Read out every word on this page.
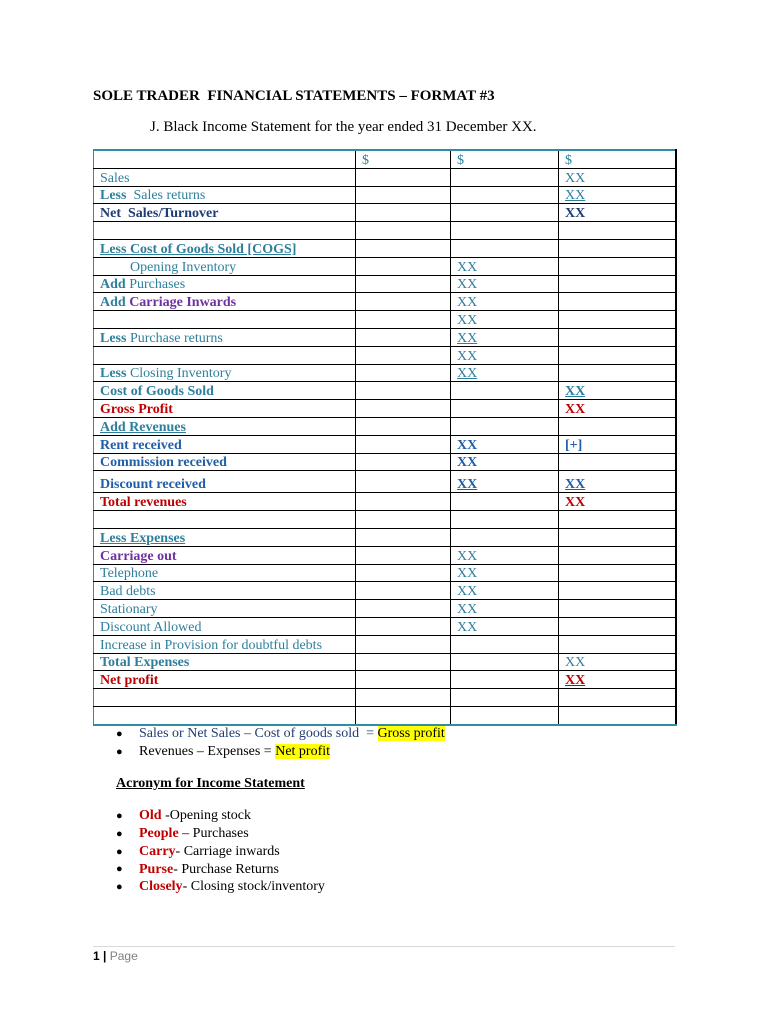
SOLE TRADER  FINANCIAL STATEMENTS – FORMAT #3
J. Black Income Statement for the year ended 31 December XX.
	$	$	$
Sales			XX
Less  Sales returns			XX
Net  Sales/Turnover			XX

Less Cost of Goods Sold [COGS]			
Opening Inventory		XX	
Add Purchases		XX	
Add Carriage Inwards		XX	
		XX	
Less Purchase returns		XX	
		XX	
Less Closing Inventory		XX	
Cost of Goods Sold			XX
Gross Profit			XX
Add Revenues			
Rent received		XX	[+]
Commission received		XX	
Discount received		XX	XX
Total revenues			XX

Less Expenses			
Carriage out		XX	
Telephone		XX	
Bad debts		XX	
Stationary		XX	
Discount Allowed		XX	
Increase in Provision for doubtful debts			
Total Expenses			XX
Net profit			XX

● Sales or Net Sales – Cost of goods sold  = Gross profit
● Revenues – Expenses = Net profit
Acronym for Income Statement
● Old -Opening stock
● People – Purchases
● Carry- Carriage inwards
● Purse- Purchase Returns
● Closely- Closing stock/inventory
1 | Page
